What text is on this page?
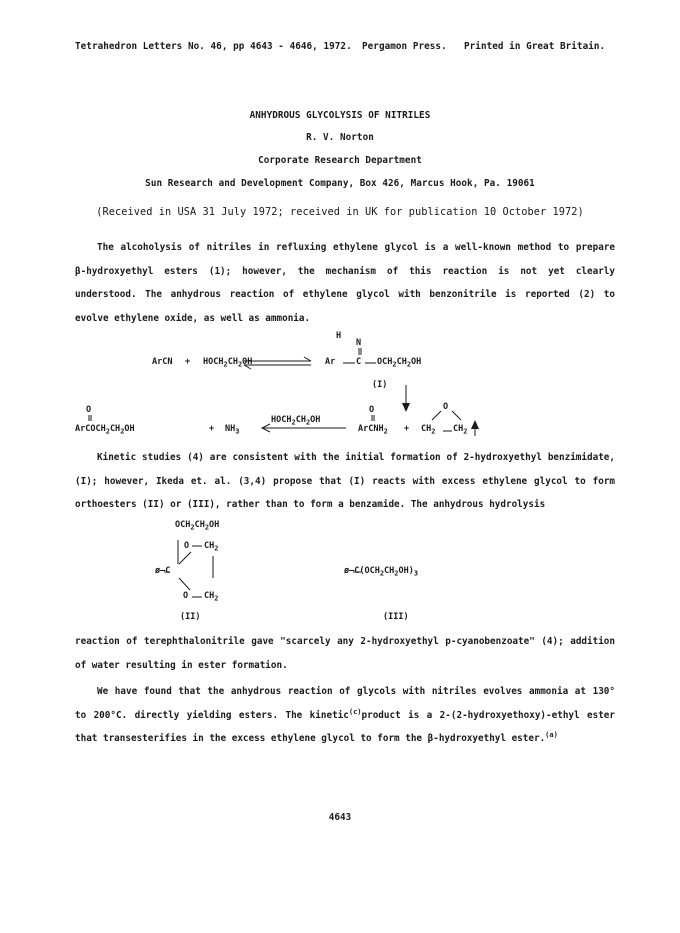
Tetrahedron Letters No. 46, pp 4643 - 4646, 1972. Pergamon Press. Printed in Great Britain.
ANHYDROUS GLYCOLYSIS OF NITRILES
R. V. Norton
Corporate Research Department
Sun Research and Development Company, Box 426, Marcus Hook, Pa. 19061
(Received in USA 31 July 1972; received in UK for publication 10 October 1972)

The alcoholysis of nitriles in refluxing ethylene glycol is a well-known method to prepare β-hydroxyethyl esters (1); however, the mechanism of this reaction is not yet clearly understood. The anhydrous reaction of ethylene glycol with benzonitrile is reported (2) to evolve ethylene oxide, as well as ammonia.

H
N
ArCN + $HOCH_2CH_2OH$	Ar C $OCH_2CH_2OH$
(I)
O
$ArCOCH_2CH_2OH$	+ $NH_3$
$HOCH_2CH_2OH$
O
ArCNH$_2$ +
O
$CH_2$ $CH_2$

Kinetic studies (4) are consistent with the initial formation of 2-hydroxyethyl benzimidate, (I); however, Ikeda et. al. (3,4) propose that (I) reacts with excess ethylene glycol to form orthoesters (II) or (III), rather than to form a benzamide. The anhydrous hydrolysis

$OCH_2CH_2OH$
O $CH_2$
ø—C
O $CH_2$
(II)
$ø—C(OCH_2CH_2OH)_3$
(III)

reaction of terephthalonitrile gave "scarcely any 2-hydroxyethyl p-cyanobenzoate" (4); addition of water resulting in ester formation.

We have found that the anhydrous reaction of glycols with nitriles evolves ammonia at 130° to 200°C. directly yielding esters. The kinetic$^{(c)}$product is a 2-(2-hydroxyethoxy)-ethyl ester that transesterifies in the excess ethylene glycol to form the β-hydroxyethyl ester.$^{(a)}$

4643
